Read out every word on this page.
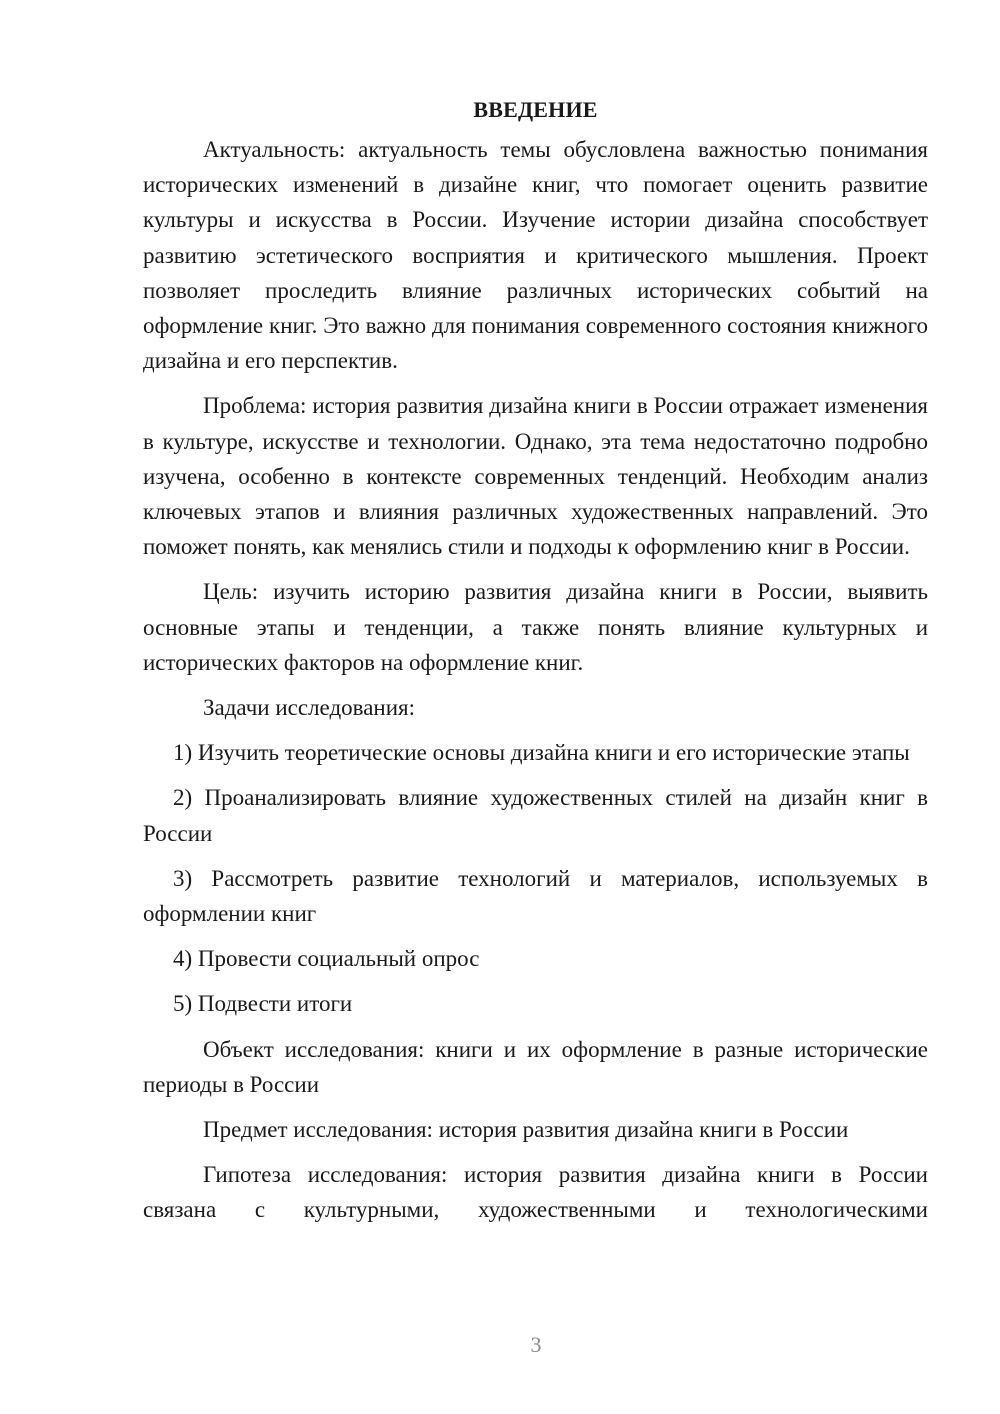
ВВЕДЕНИЕ

Актуальность: актуальность темы обусловлена важностью понимания исторических изменений в дизайне книг, что помогает оценить развитие культуры и искусства в России. Изучение истории дизайна способствует развитию эстетического восприятия и критического мышления. Проект позволяет проследить влияние различных исторических событий на оформление книг. Это важно для понимания современного состояния книжного дизайна и его перспектив.

Проблема: история развития дизайна книги в России отражает изменения в культуре, искусстве и технологии. Однако, эта тема недостаточно подробно изучена, особенно в контексте современных тенденций. Необходим анализ ключевых этапов и влияния различных художественных направлений. Это поможет понять, как менялись стили и подходы к оформлению книг в России.

Цель: изучить историю развития дизайна книги в России, выявить основные этапы и тенденции, а также понять влияние культурных и исторических факторов на оформление книг.

Задачи исследования:

1) Изучить теоретические основы дизайна книги и его исторические этапы

2) Проанализировать влияние художественных стилей на дизайн книг в России

3) Рассмотреть развитие технологий и материалов, используемых в оформлении книг

4) Провести социальный опрос

5) Подвести итоги

Объект исследования: книги и их оформление в разные исторические периоды в России

Предмет исследования: история развития дизайна книги в России

Гипотеза исследования: история развития дизайна книги в России связана с культурными, художественными и технологическими

3
